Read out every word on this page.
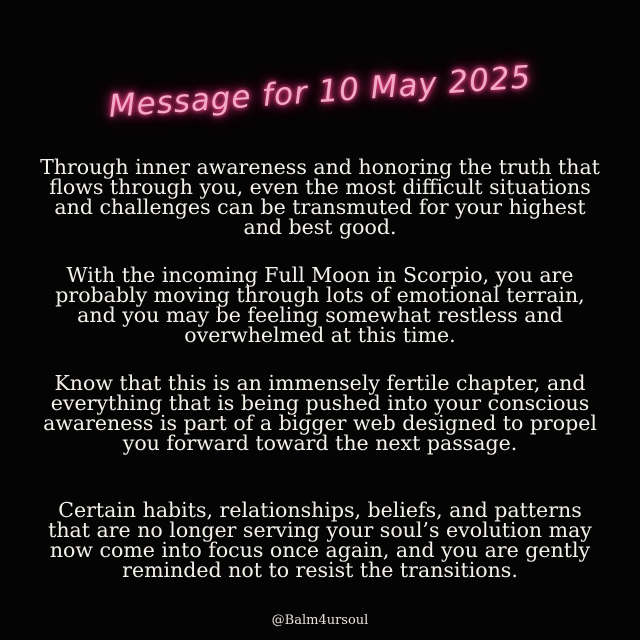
Message for 10 May 2025

Through inner awareness and honoring the truth that flows through you, even the most difficult situations and challenges can be transmuted for your highest and best good.

With the incoming Full Moon in Scorpio, you are probably moving through lots of emotional terrain, and you may be feeling somewhat restless and overwhelmed at this time.

Know that this is an immensely fertile chapter, and everything that is being pushed into your conscious awareness is part of a bigger web designed to propel you forward toward the next passage.

Certain habits, relationships, beliefs, and patterns that are no longer serving your soul’s evolution may now come into focus once again, and you are gently reminded not to resist the transitions.

@Balm4ursoul
